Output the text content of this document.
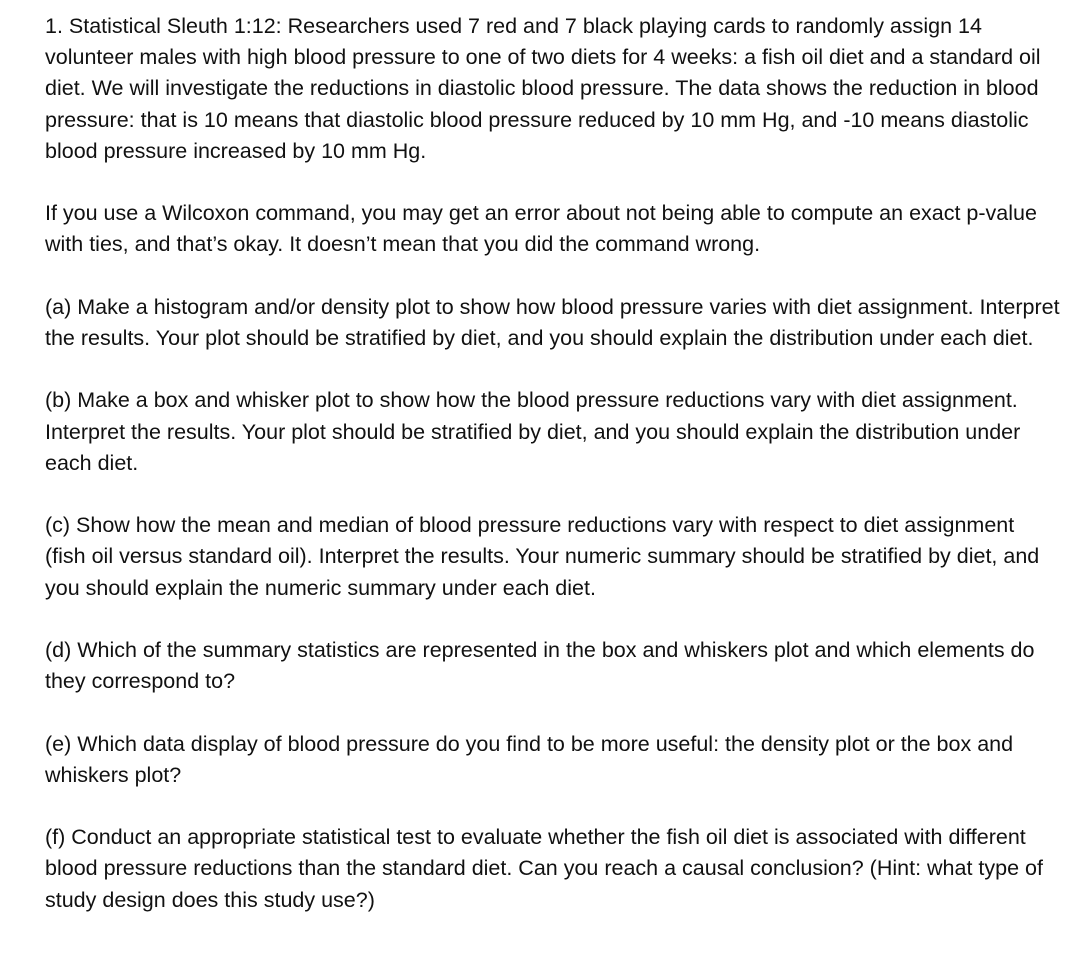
1. Statistical Sleuth 1:12: Researchers used 7 red and 7 black playing cards to randomly assign 14 volunteer males with high blood pressure to one of two diets for 4 weeks: a fish oil diet and a standard oil diet. We will investigate the reductions in diastolic blood pressure. The data shows the reduction in blood pressure: that is 10 means that diastolic blood pressure reduced by 10 mm Hg, and -10 means diastolic blood pressure increased by 10 mm Hg.

If you use a Wilcoxon command, you may get an error about not being able to compute an exact p-value with ties, and that’s okay. It doesn’t mean that you did the command wrong.

(a) Make a histogram and/or density plot to show how blood pressure varies with diet assignment. Interpret the results. Your plot should be stratified by diet, and you should explain the distribution under each diet.

(b) Make a box and whisker plot to show how the blood pressure reductions vary with diet assignment. Interpret the results. Your plot should be stratified by diet, and you should explain the distribution under each diet.

(c) Show how the mean and median of blood pressure reductions vary with respect to diet assignment (fish oil versus standard oil). Interpret the results. Your numeric summary should be stratified by diet, and you should explain the numeric summary under each diet.

(d) Which of the summary statistics are represented in the box and whiskers plot and which elements do they correspond to?

(e) Which data display of blood pressure do you find to be more useful: the density plot or the box and whiskers plot?

(f) Conduct an appropriate statistical test to evaluate whether the fish oil diet is associated with different blood pressure reductions than the standard diet. Can you reach a causal conclusion? (Hint: what type of study design does this study use?)
